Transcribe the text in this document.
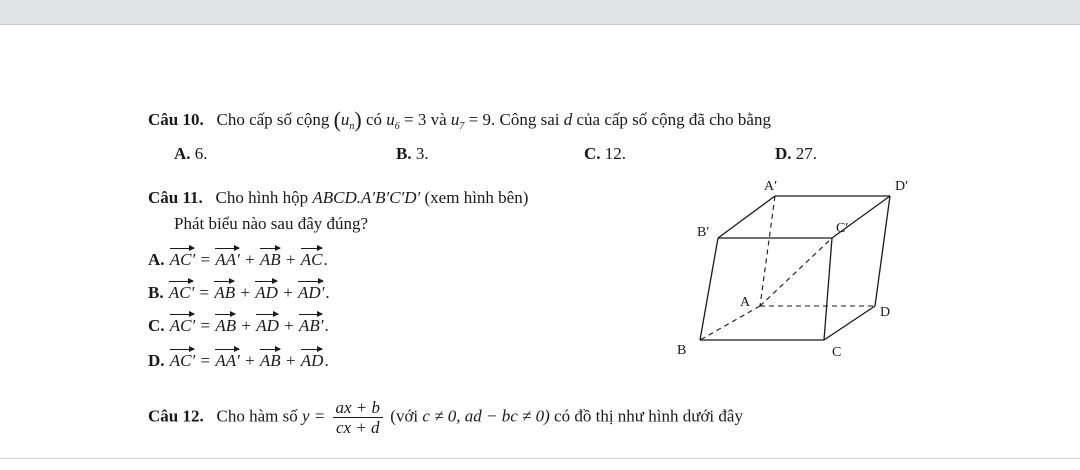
Câu 10. Cho cấp số cộng $(u_n)$ có $u_6 = 3$ và $u_7 = 9$. Công sai d của cấp số cộng đã cho bằng
A. 6.	B. 3.	C. 12.	D. 27.
Câu 11. Cho hình hộp ABCD.A′B′C′D′ (xem hình bên)
Phát biểu nào sau đây đúng?
A. AC′ = AA′ + AB + AC.
B. AC′ = AB + AD + AD′.
C. AC′ = AB + AD + AB′.
D. AC′ = AA′ + AB + AD.
A′	D′
B′	C′
A
D
B	C
Câu 12. Cho hàm số $y = \frac{ax + b}{cx + d}$ (với c ≠ 0, ad − bc ≠ 0) có đồ thị như hình dưới đây
